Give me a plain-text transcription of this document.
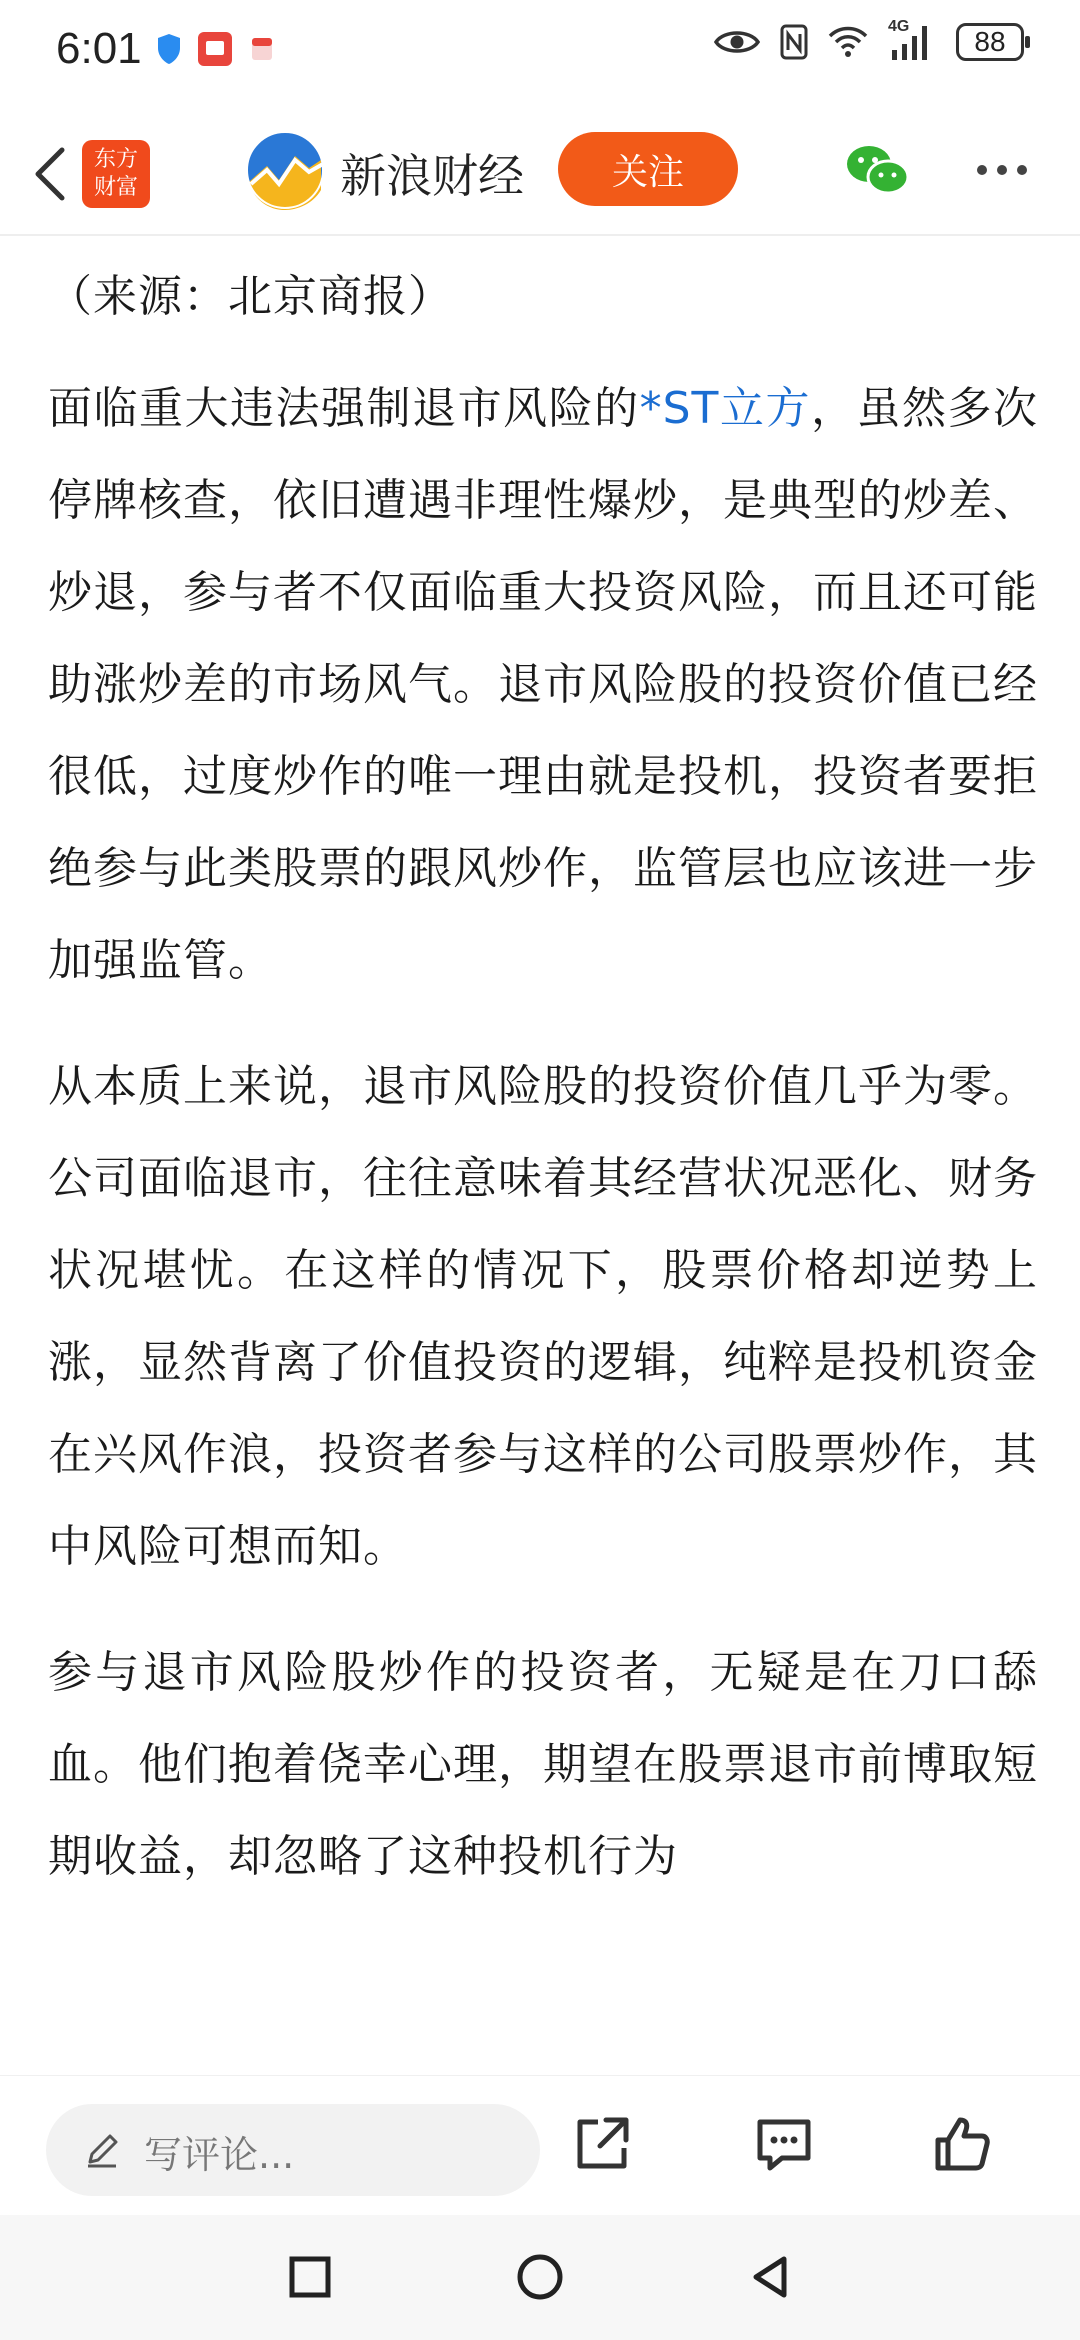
6:01	4G	88
东方
财富	新浪财经	关注

（来源：北京商报）

面临重大违法强制退市风险的*ST立方，虽然多次停牌核查，依旧遭遇非理性爆炒，是典型的炒差、炒退，参与者不仅面临重大投资风险，而且还可能助涨炒差的市场风气。退市风险股的投资价值已经很低，过度炒作的唯一理由就是投机，投资者要拒绝参与此类股票的跟风炒作，监管层也应该进一步加强监管。

从本质上来说，退市风险股的投资价值几乎为零。公司面临退市，往往意味着其经营状况恶化、财务状况堪忧。在这样的情况下，股票价格却逆势上涨，显然背离了价值投资的逻辑，纯粹是投机资金在兴风作浪，投资者参与这样的公司股票炒作，其中风险可想而知。

参与退市风险股炒作的投资者，无疑是在刀口舔血。他们抱着侥幸心理，期望在股票退市前博取短期收益，却忽略了这种投机行为

写评论...
